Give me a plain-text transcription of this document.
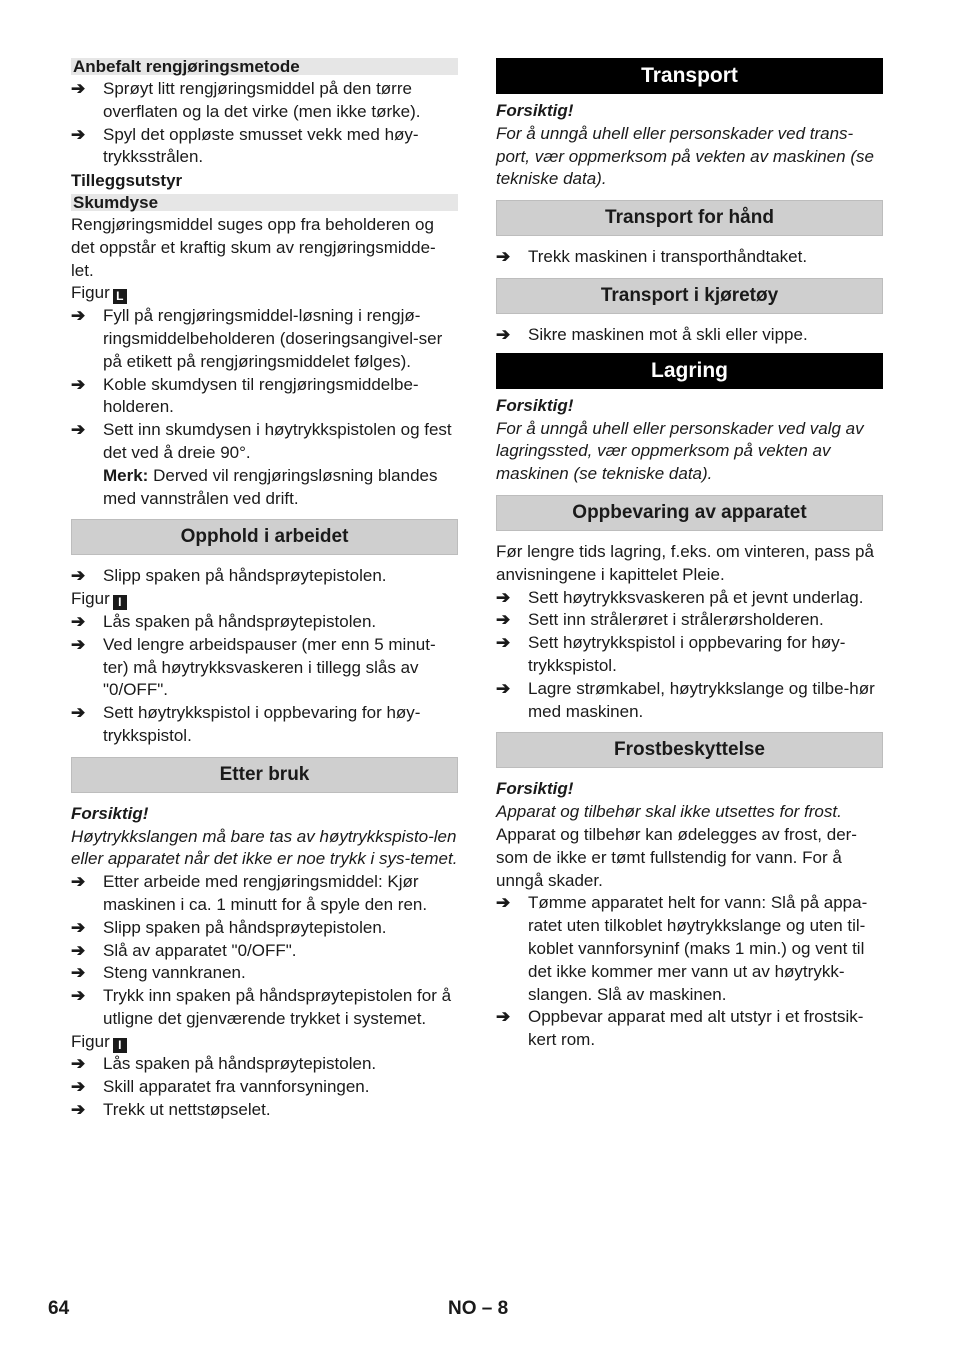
Anbefalt rengjøringsmetode
➔	Sprøyt litt rengjøringsmiddel på den tørre overflaten og la det virke (men ikke tørke).
➔	Spyl det oppløste smusset vekk med høy-trykksstrålen.
Tilleggsutstyr
Skumdyse
Rengjøringsmiddel suges opp fra beholderen og det oppstår et kraftig skum av rengjøringsmidde-let.
Figur L
➔	Fyll på rengjøringsmiddel-løsning i rengjø-ringsmiddelbeholderen (doseringsangivel-ser på etikett på rengjøringsmiddelet følges).
➔	Koble skumdysen til rengjøringsmiddelbe-holderen.
➔	Sett inn skumdysen i høytrykkspistolen og fest det ved å dreie 90°.
Merk: Derved vil rengjøringsløsning blandes med vannstrålen ved drift.
Opphold i arbeidet
➔	Slipp spaken på håndsprøytepistolen.
Figur I
➔	Lås spaken på håndsprøytepistolen.
➔	Ved lengre arbeidspauser (mer enn 5 minut-ter) må høytrykksvaskeren i tillegg slås av "0/OFF".
➔	Sett høytrykkspistol i oppbevaring for høy-trykkspistol.
Etter bruk
Forsiktig!
Høytrykkslangen må bare tas av høytrykkspisto-len eller apparatet når det ikke er noe trykk i sys-temet.
➔	Etter arbeide med rengjøringsmiddel: Kjør maskinen i ca. 1 minutt for å spyle den ren.
➔	Slipp spaken på håndsprøytepistolen.
➔	Slå av apparatet "0/OFF".
➔	Steng vannkranen.
➔	Trykk inn spaken på håndsprøytepistolen for å utligne det gjenværende trykket i systemet.
Figur I
➔	Lås spaken på håndsprøytepistolen.
➔	Skill apparatet fra vannforsyningen.
➔	Trekk ut nettstøpselet.
Transport
Forsiktig!
For å unngå uhell eller personskader ved trans-port, vær oppmerksom på vekten av maskinen (se tekniske data).
Transport for hånd
➔	Trekk maskinen i transporthåndtaket.
Transport i kjøretøy
➔	Sikre maskinen mot å skli eller vippe.
Lagring
Forsiktig!
For å unngå uhell eller personskader ved valg av lagringssted, vær oppmerksom på vekten av maskinen (se tekniske data).
Oppbevaring av apparatet
Før lengre tids lagring, f.eks. om vinteren, pass på anvisningene i kapittelet Pleie.
➔	Sett høytrykksvaskeren på et jevnt underlag.
➔	Sett inn strålerøret i strålerørsholderen.
➔	Sett høytrykkspistol i oppbevaring for høy-trykkspistol.
➔	Lagre strømkabel, høytrykkslange og tilbe-hør med maskinen.
Frostbeskyttelse
Forsiktig!
Apparat og tilbehør skal ikke utsettes for frost.
Apparat og tilbehør kan ødelegges av frost, der-som de ikke er tømt fullstendig for vann. For å unngå skader.
➔	Tømme apparatet helt for vann: Slå på appa-ratet uten tilkoblet høytrykkslange og uten til-koblet vannforsyninf (maks 1 min.) og vent til det ikke kommer mer vann ut av høytrykk-slangen. Slå av maskinen.
➔	Oppbevar apparat med alt utstyr i et frostsik-kert rom.
64	NO – 8
